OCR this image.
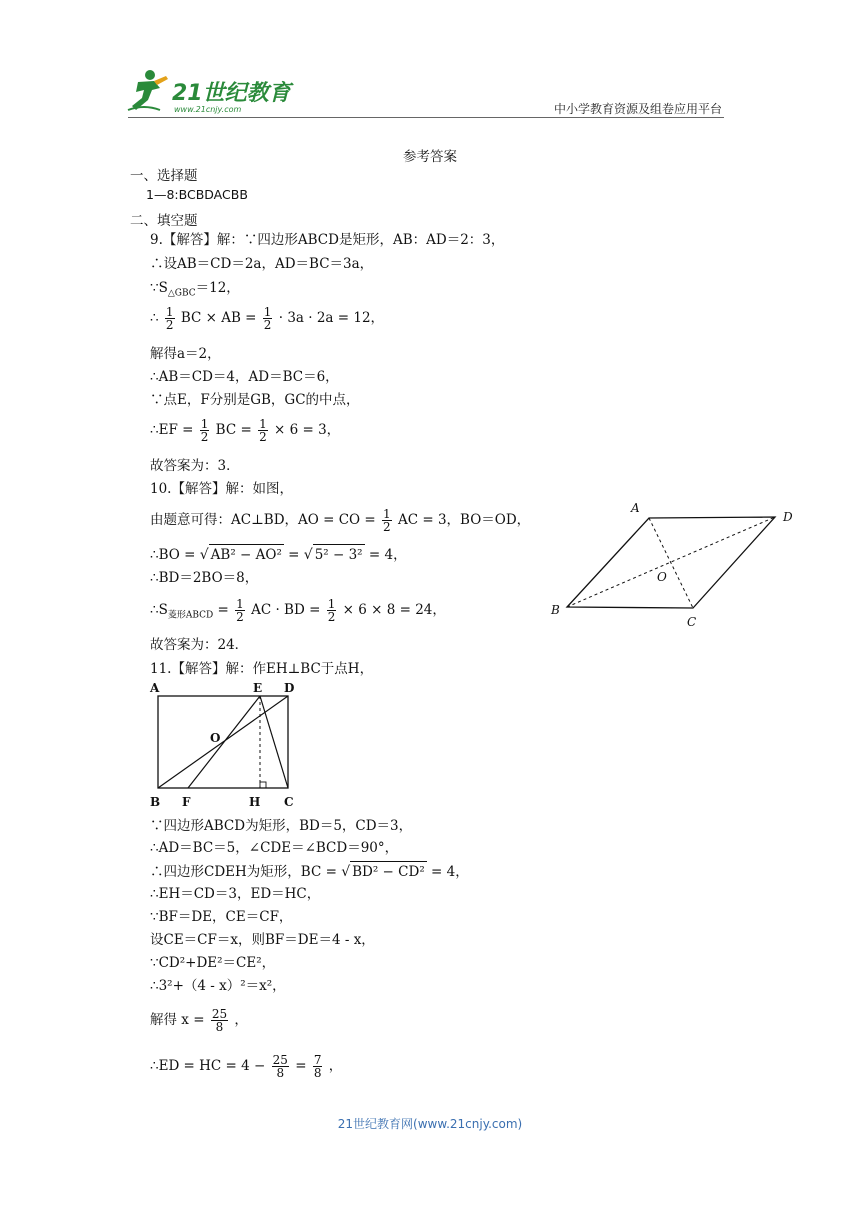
21世纪教育
www.21cnjy.com	中小学教育资源及组卷应用平台
参考答案
一、选择题
1—8:BCBDACBB
二、填空题
9.【解答】解：∵四边形ABCD是矩形，AB：AD＝2：3，
∴设AB＝CD＝2a，AD＝BC＝3a，
$\because S_{\triangle GBC}=12$，
∴ $\frac{1}{2}$ BC × AB = $\frac{1}{2} \cdot 3a \cdot 2a = 12$，
解得a＝2，
∴AB＝CD＝4，AD＝BC＝6，
∵点E，F分别是GB，GC的中点，
∴EF = $\frac{1}{2}$ BC = $\frac{1}{2} \times 6 = 3$，
故答案为：3．
10.【解答】解：如图，
由题意可得：AC⊥BD，AO = CO = $\frac{1}{2}$ AC = 3，BO＝OD，
∴BO = √ AB² − AO² = √ 5² − 3² = 4，
∴BD＝2BO＝8，
$\therefore S_{菱形ABCD} = \frac{1}{2}$ AC · BD = $\frac{1}{2} \times 6 \times 8 = 24$，
故答案为：24．
A
D
B
C
O
11.【解答】解：作EH⊥BC于点H，
A	E D
O
B F	H C
∵四边形ABCD为矩形，BD＝5，CD＝3，
∴AD＝BC＝5，∠CDE＝∠BCD＝90°，
∴四边形CDEH为矩形，BC = √ BD² − CD² = 4，
∴EH＝CD＝3，ED＝HC，
∵BF＝DE，CE＝CF，
设CE＝CF＝x，则BF＝DE＝4 - x，
∵CD²+DE²＝CE²，
∴3²+（4 - x）²＝x²，
解得 $x = \frac{25}{8}$ ，
∴ED = HC = $4 - \frac{25}{8} = \frac{7}{8}$ ，
21世纪教育网(www.21cnjy.com)
